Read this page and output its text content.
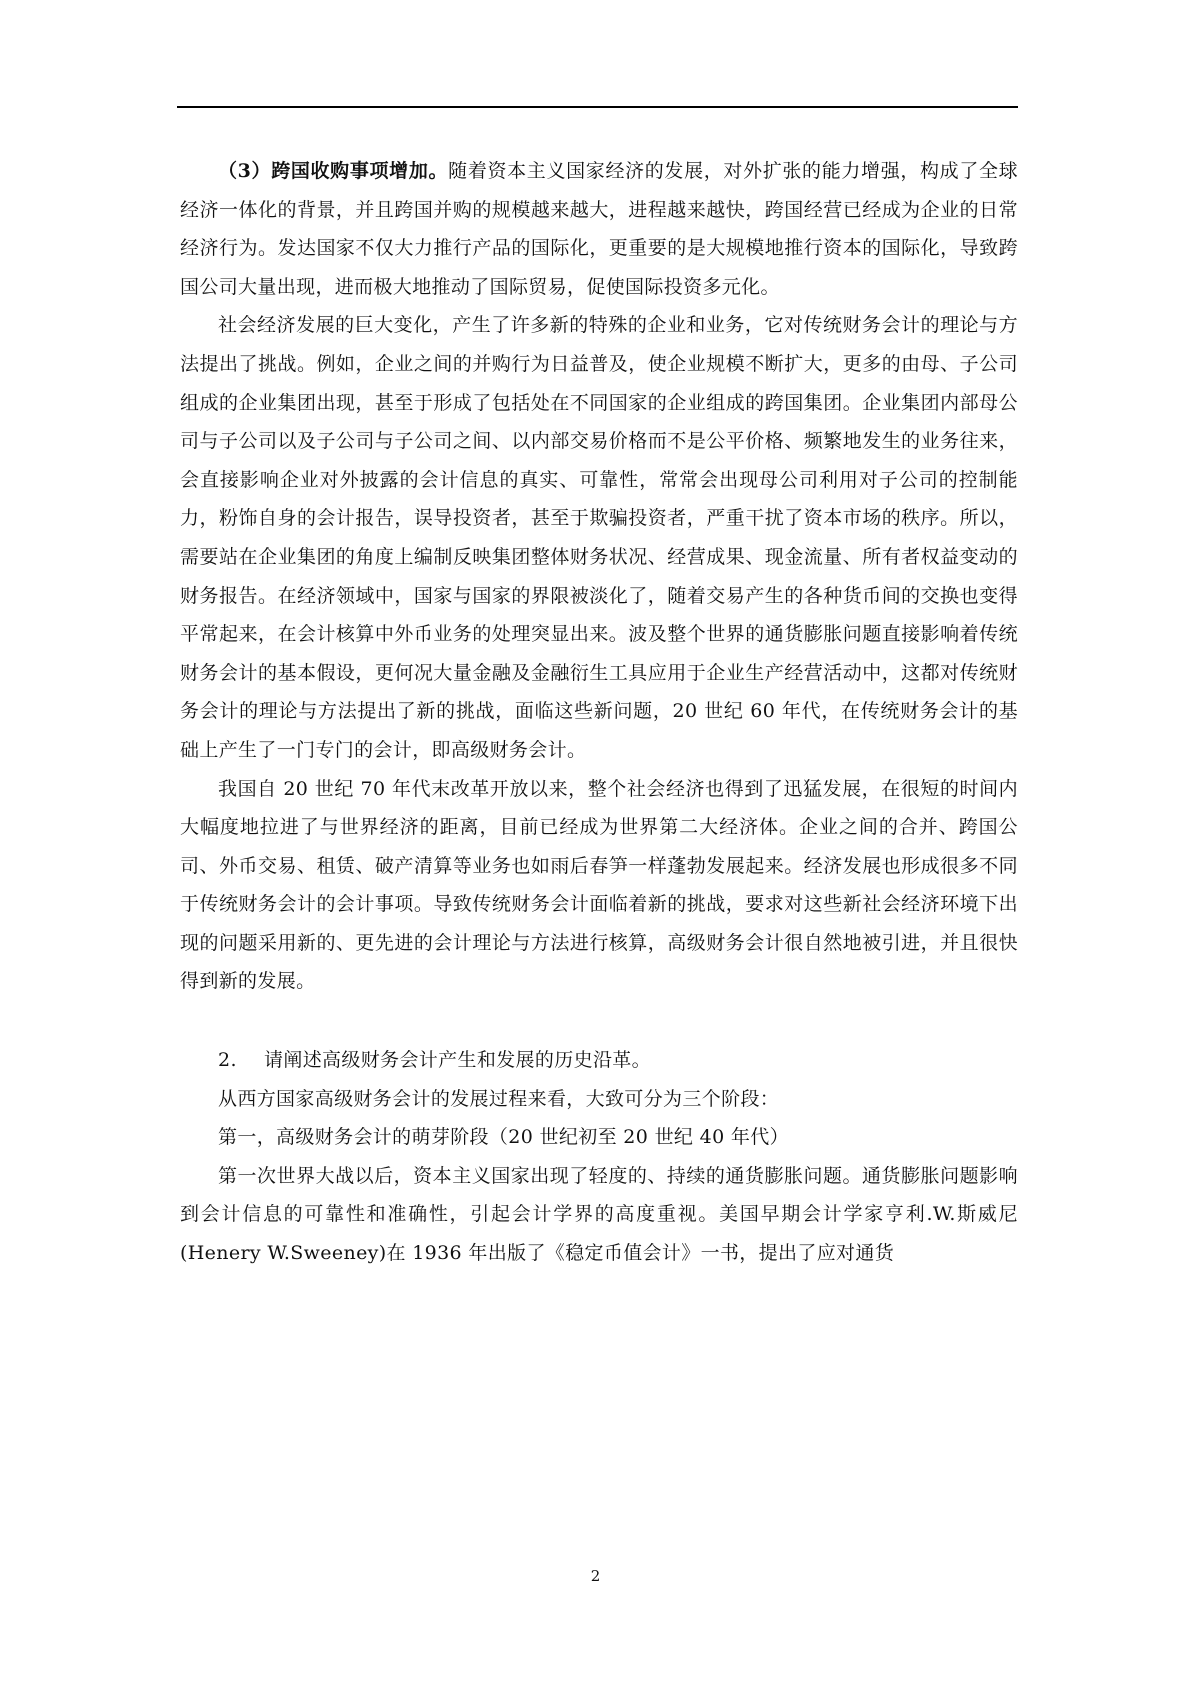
（3）跨国收购事项增加。随着资本主义国家经济的发展，对外扩张的能力增强，构成了全球经济一体化的背景，并且跨国并购的规模越来越大，进程越来越快，跨国经营已经成为企业的日常经济行为。发达国家不仅大力推行产品的国际化，更重要的是大规模地推行资本的国际化，导致跨国公司大量出现，进而极大地推动了国际贸易，促使国际投资多元化。

社会经济发展的巨大变化，产生了许多新的特殊的企业和业务，它对传统财务会计的理论与方法提出了挑战。例如，企业之间的并购行为日益普及，使企业规模不断扩大，更多的由母、子公司组成的企业集团出现，甚至于形成了包括处在不同国家的企业组成的跨国集团。企业集团内部母公司与子公司以及子公司与子公司之间、以内部交易价格而不是公平价格、频繁地发生的业务往来，会直接影响企业对外披露的会计信息的真实、可靠性，常常会出现母公司利用对子公司的控制能力，粉饰自身的会计报告，误导投资者，甚至于欺骗投资者，严重干扰了资本市场的秩序。所以，需要站在企业集团的角度上编制反映集团整体财务状况、经营成果、现金流量、所有者权益变动的财务报告。在经济领域中，国家与国家的界限被淡化了，随着交易产生的各种货币间的交换也变得平常起来，在会计核算中外币业务的处理突显出来。波及整个世界的通货膨胀问题直接影响着传统财务会计的基本假设，更何况大量金融及金融衍生工具应用于企业生产经营活动中，这都对传统财务会计的理论与方法提出了新的挑战，面临这些新问题，20 世纪 60 年代，在传统财务会计的基础上产生了一门专门的会计，即高级财务会计。

我国自 20 世纪 70 年代末改革开放以来，整个社会经济也得到了迅猛发展，在很短的时间内大幅度地拉进了与世界经济的距离，目前已经成为世界第二大经济体。企业之间的合并、跨国公司、外币交易、租赁、破产清算等业务也如雨后春笋一样蓬勃发展起来。经济发展也形成很多不同于传统财务会计的会计事项。导致传统财务会计面临着新的挑战，要求对这些新社会经济环境下出现的问题采用新的、更先进的会计理论与方法进行核算，高级财务会计很自然地被引进，并且很快得到新的发展。

2. 请阐述高级财务会计产生和发展的历史沿革。

从西方国家高级财务会计的发展过程来看，大致可分为三个阶段：

第一，高级财务会计的萌芽阶段（20 世纪初至 20 世纪 40 年代）

第一次世界大战以后，资本主义国家出现了轻度的、持续的通货膨胀问题。通货膨胀问题影响到会计信息的可靠性和准确性，引起会计学界的高度重视。美国早期会计学家亨利.W.斯威尼(Henery W.Sweeney)在 1936 年出版了《稳定币值会计》一书，提出了应对通货

2
